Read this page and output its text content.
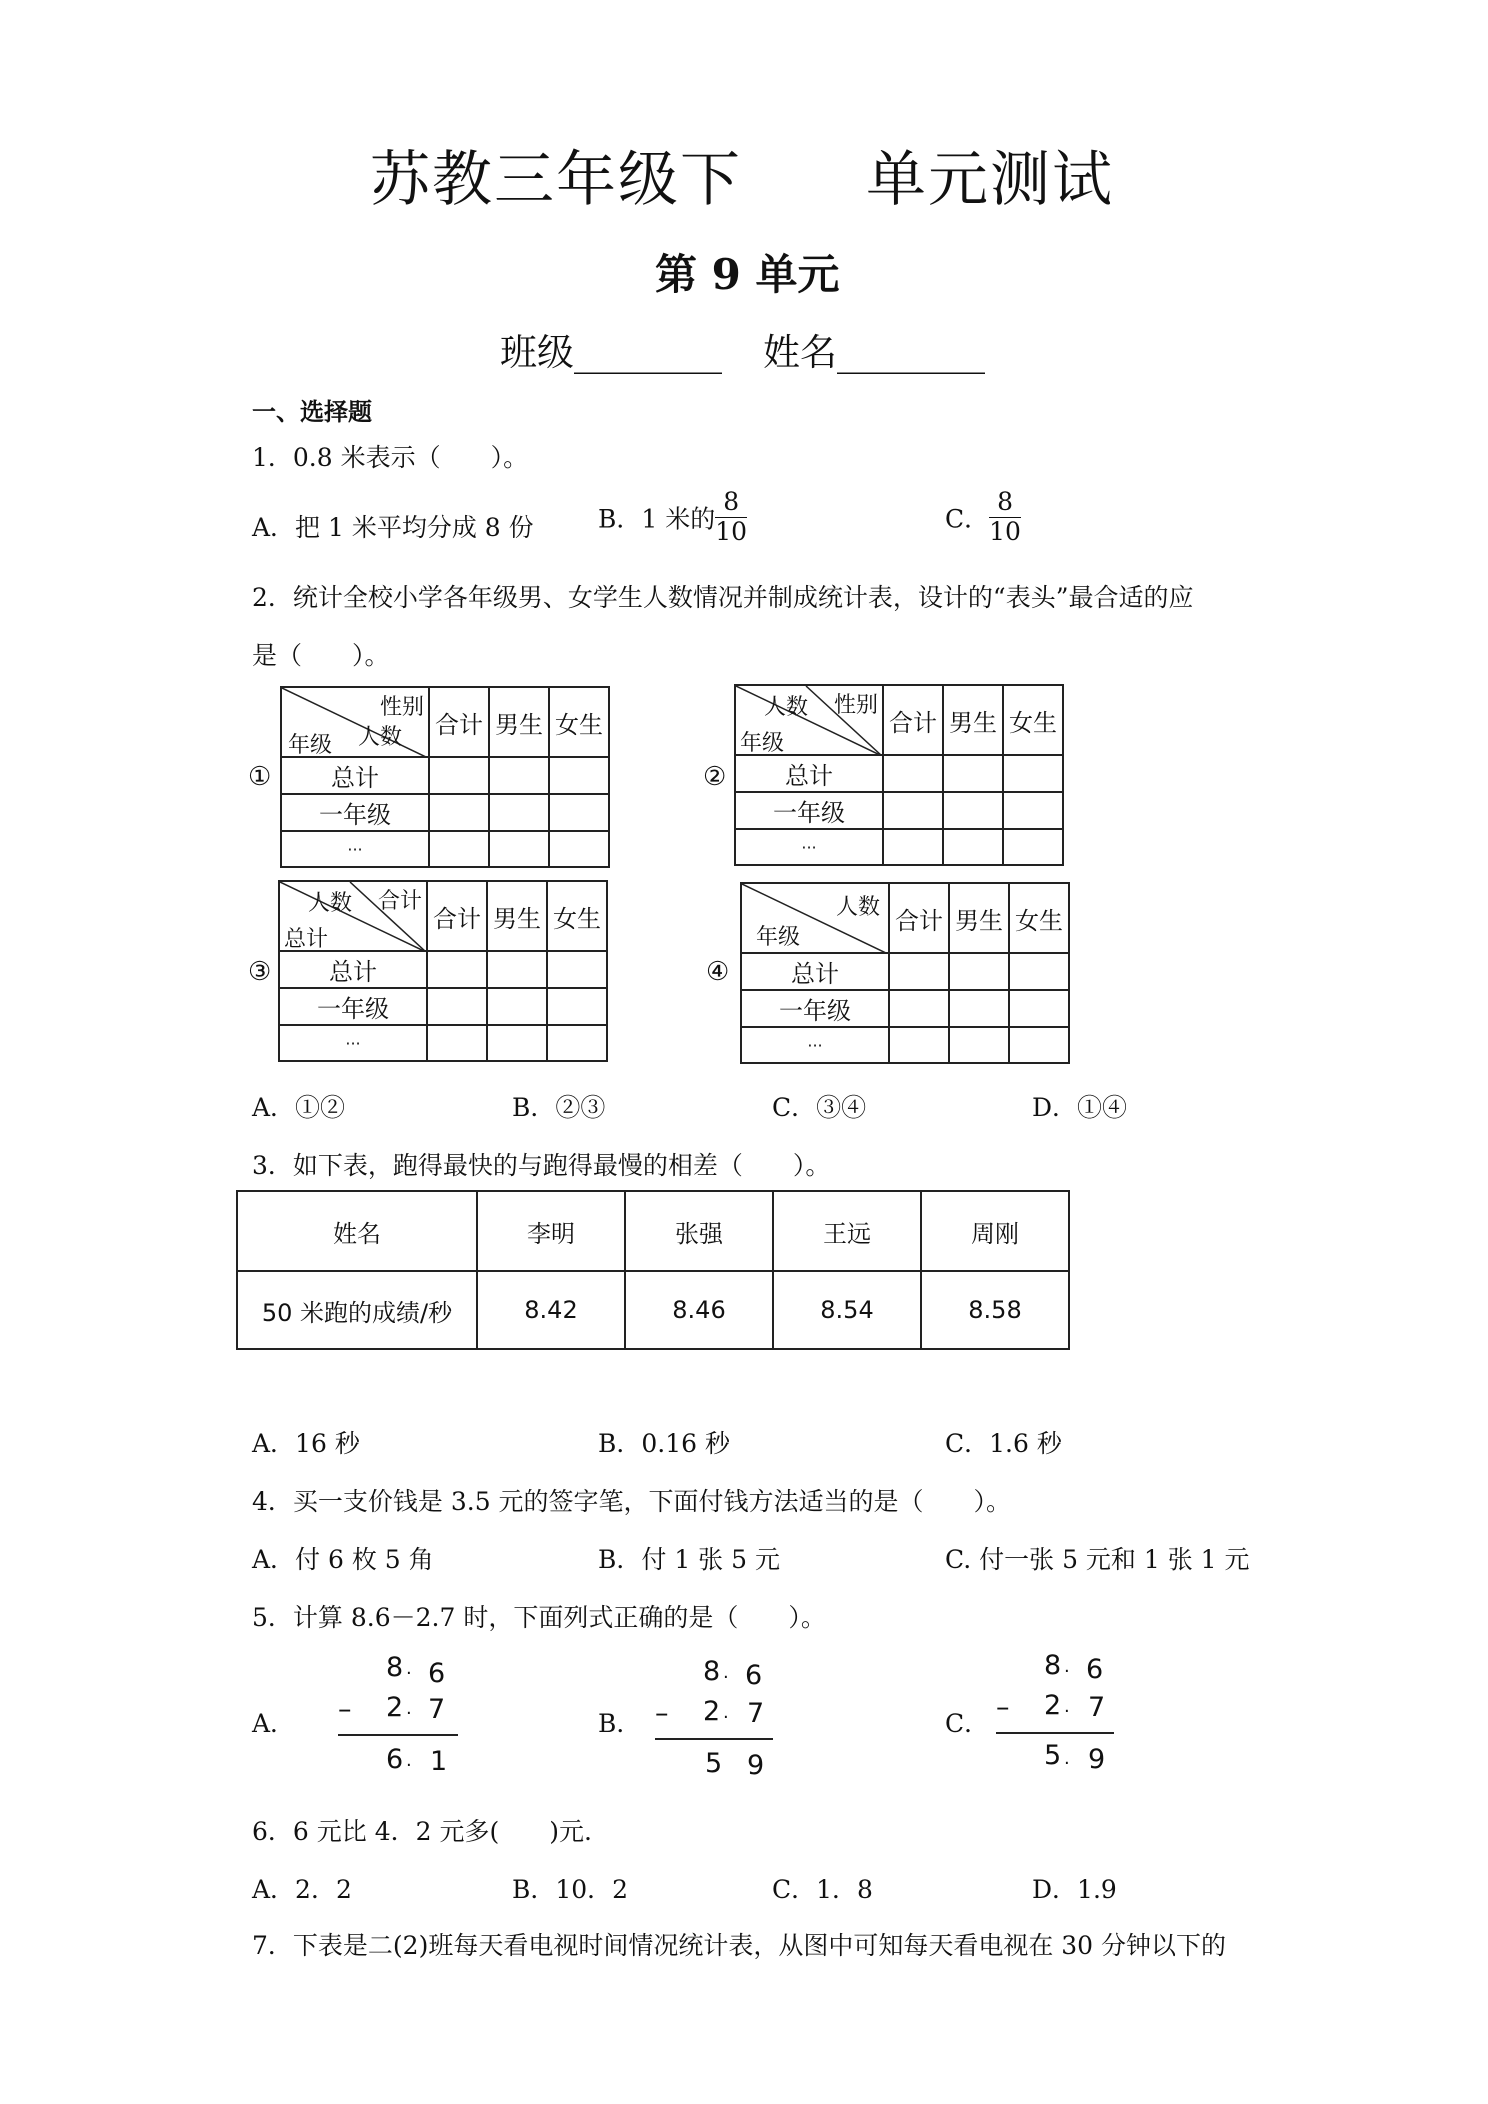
苏教三年级下　　单元测试
第 9 单元
班级________ 姓名________
一、选择题
1．0.8 米表示（　　）。
A．把 1 米平均分成 8 份	B．1 米的 $\frac{8}{10}$	C． $\frac{8}{10}$
2．统计全校小学各年级男、女学生人数情况并制成统计表，设计的“表头”最合适的应
是（　　）。
①
性别
人数
年级	合计	男生	女生
总计			
一年级			
···			
②
性别
人数
年级	合计	男生	女生
总计			
一年级			
···			
③
合计
人数
总计	合计	男生	女生
总计			
一年级			
···			
④
人数
年级	合计	男生	女生
总计			
一年级			
···			
A．①②	B．②③	C．③④	D．①④
3．如下表，跑得最快的与跑得最慢的相差（　　）。
姓名	李明	张强	王远	周刚
50 米跑的成绩/秒	8.42	8.46	8.54	8.58
A．16 秒	B．0.16 秒	C．1.6 秒
4．买一支价钱是 3.5 元的签字笔，下面付钱方法适当的是（　　）。
A．付 6 枚 5 角	B．付 1 张 5 元	C. 付一张 5 元和 1 张 1 元
5．计算 8.6－2.7 时，下面列式正确的是（　　）。
A．
8 . 6
– 2 . 7
6 . 1
B．
8 . 6
– 2 . 7
5 9
C．
8 . 6
– 2 . 7
5 . 9
6．6 元比 4．2 元多(　　)元.
A．2．2	B．10．2	C．1．8	D．1.9
7．下表是二(2)班每天看电视时间情况统计表，从图中可知每天看电视在 30 分钟以下的
